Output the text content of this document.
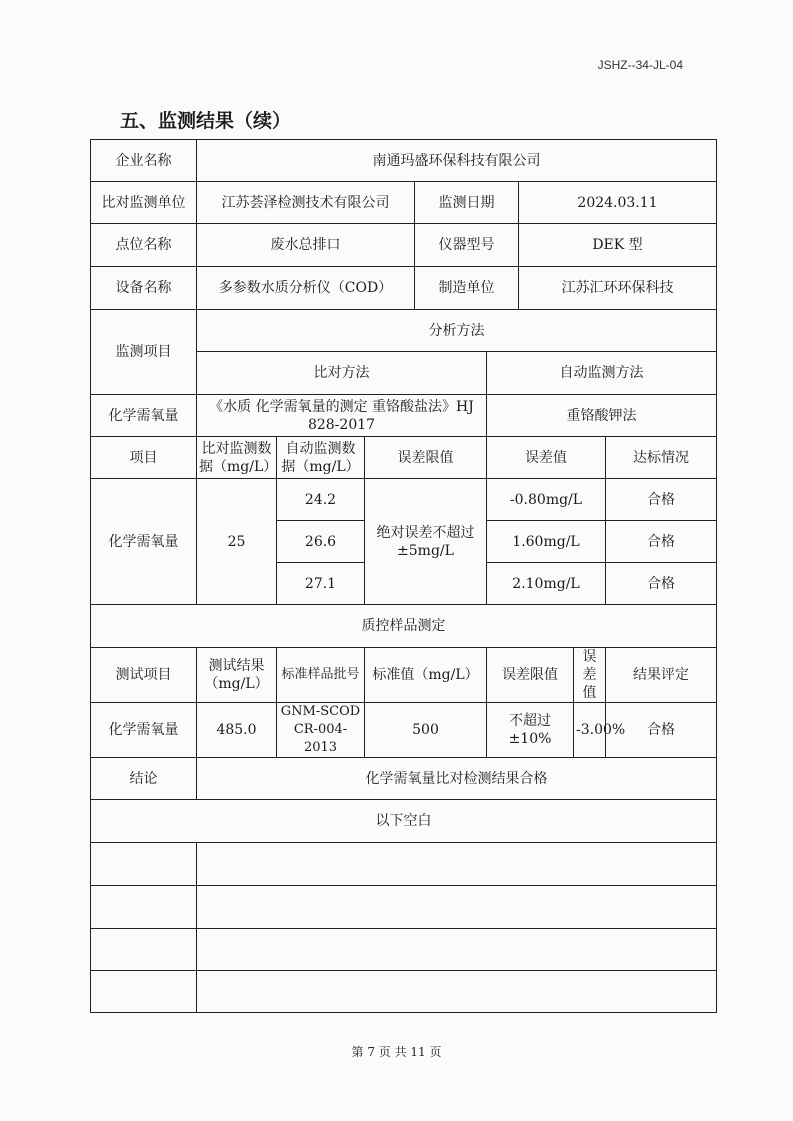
JSHZ--34-JL-04
五、监测结果（续）
企业名称	南通玛盛环保科技有限公司							
比对监测单位	江苏荟泽检测技术有限公司			监测日期		2024.03.11		
点位名称	废水总排口			仪器型号		DEK 型		
设备名称	多参数水质分析仪（COD）			制造单位		江苏汇环环保科技		
监测项目	分析方法							
	比对方法				自动监测方法			
化学需氧量	《水质 化学需氧量的测定 重铬酸盐法》HJ 828-2017				重铬酸钾法			
项目	比对监测数据（mg/L）	自动监测数据（mg/L）	误差限值		误差值			达标情况
化学需氧量	25	24.2	绝对误差不超过±5mg/L		-0.80mg/L			合格
		26.6			1.60mg/L			合格
		27.1			2.10mg/L			合格
质控样品测定								
测试项目	测试结果（mg/L）	标准样品批号	标准值（mg/L）		误差限值		误差值	结果评定
化学需氧量	485.0	GNM-SCOD CR-004-2013	500		不超过±10%		-3.00%	合格
结论	化学需氧量比对检测结果合格							
以下空白								

第 7 页 共 11 页
